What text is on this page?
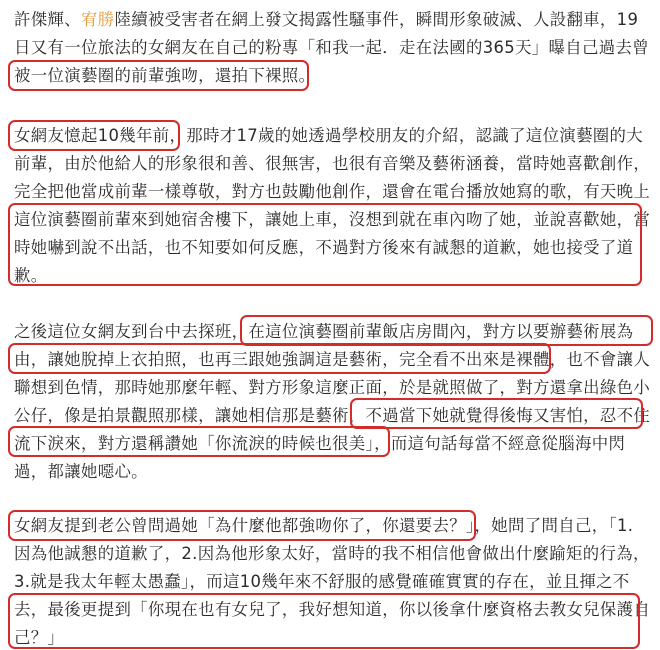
許傑輝、宥勝陸續被受害者在網上發文揭露性騷事件，瞬間形象破滅、人設翻車，19
日又有一位旅法的女網友在自己的粉專「和我一起．走在法國的365天」曝自己過去曾
被一位演藝圈的前輩強吻，還拍下裸照。
女網友憶起10幾年前，那時才17歲的她透過學校朋友的介紹，認識了這位演藝圈的大
前輩，由於他給人的形象很和善、很無害，也很有音樂及藝術涵養，當時她喜歡創作，
完全把他當成前輩一樣尊敬，對方也鼓勵他創作，還會在電台播放她寫的歌，有天晚上
這位演藝圈前輩來到她宿舍樓下，讓她上車，沒想到就在車內吻了她，並說喜歡她，當
時她嚇到說不出話，也不知要如何反應，不過對方後來有誠懇的道歉，她也接受了道
歉。
之後這位女網友到台中去探班，在這位演藝圈前輩飯店房間內，對方以要辦藝術展為
由，讓她脫掉上衣拍照，也再三跟她強調這是藝術，完全看不出來是裸體，也不會讓人
聯想到色情，那時她那麼年輕、對方形象這麼正面，於是就照做了，對方還拿出綠色小
公仔，像是拍景觀照那樣，讓她相信那是藝術，不過當下她就覺得後悔又害怕，忍不住
流下淚來，對方還稱讚她「你流淚的時候也很美」，而這句話每當不經意從腦海中閃
過，都讓她噁心。
女網友提到老公曾問過她「為什麼他都強吻你了，你還要去？」，她問了問自己，「1.
因為他誠懇的道歉了，2.因為他形象太好，當時的我不相信他會做出什麼踰矩的行為，
3.就是我太年輕太愚蠢」，而這10幾年來不舒服的感覺確確實實的存在，並且揮之不
去，最後更提到「你現在也有女兒了，我好想知道，你以後拿什麼資格去教女兒保護自
己？」
